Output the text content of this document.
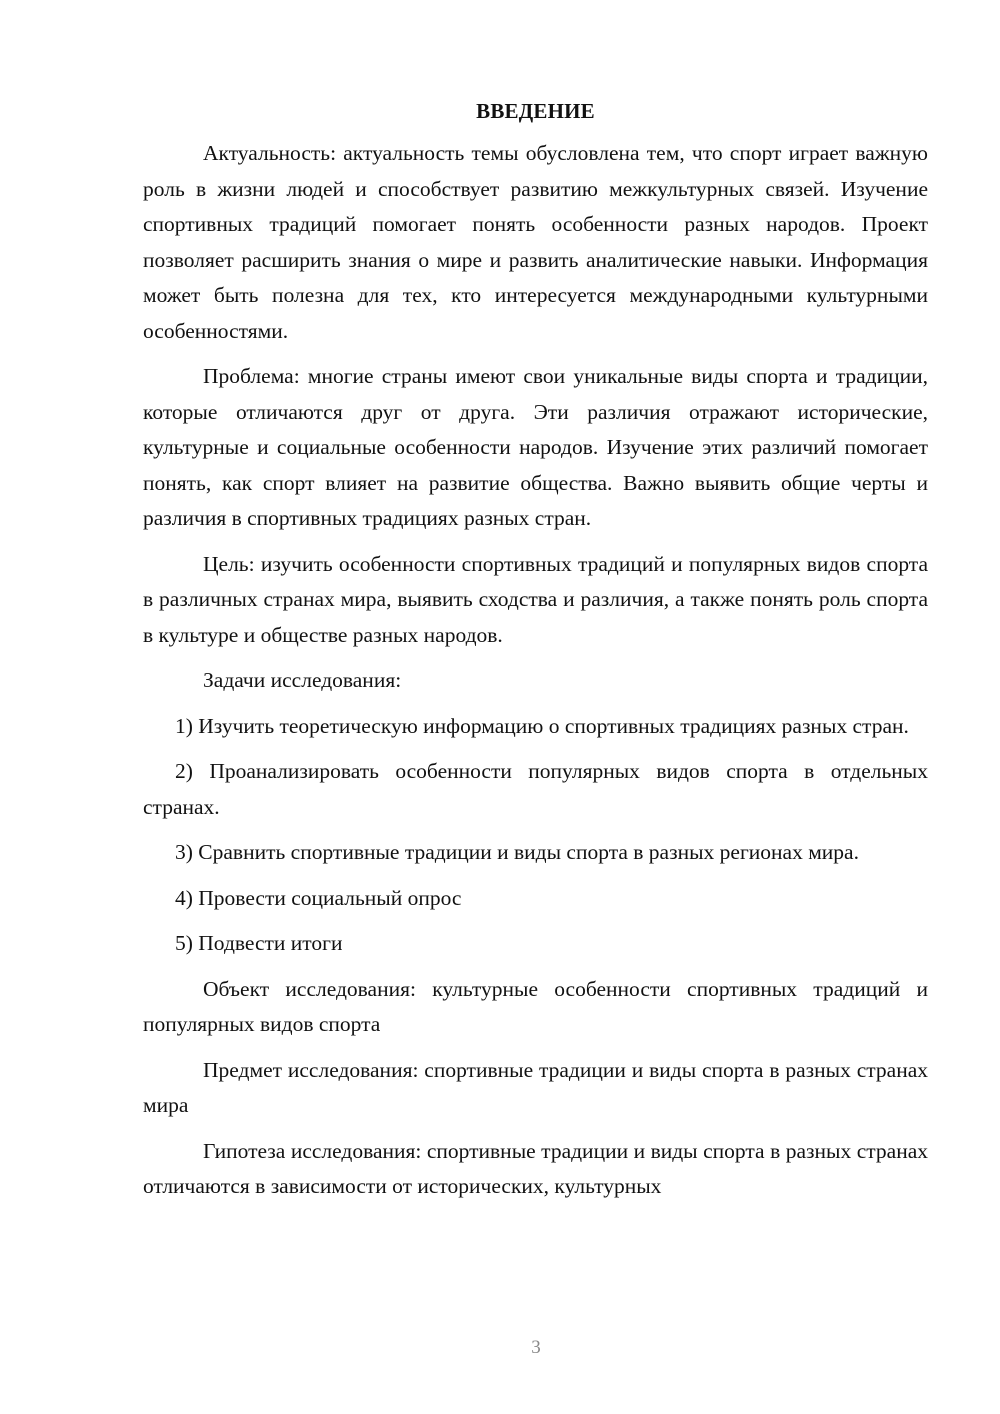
ВВЕДЕНИЕ

Актуальность: актуальность темы обусловлена тем, что спорт играет важную роль в жизни людей и способствует развитию межкультурных связей. Изучение спортивных традиций помогает понять особенности разных народов. Проект позволяет расширить знания о мире и развить аналитические навыки. Информация может быть полезна для тех, кто интересуется международными культурными особенностями.

Проблема: многие страны имеют свои уникальные виды спорта и традиции, которые отличаются друг от друга. Эти различия отражают исторические, культурные и социальные особенности народов. Изучение этих различий помогает понять, как спорт влияет на развитие общества. Важно выявить общие черты и различия в спортивных традициях разных стран.

Цель: изучить особенности спортивных традиций и популярных видов спорта в различных странах мира, выявить сходства и различия, а также понять роль спорта в культуре и обществе разных народов.

Задачи исследования:

1) Изучить теоретическую информацию о спортивных традициях разных стран.

2) Проанализировать особенности популярных видов спорта в отдельных странах.

3) Сравнить спортивные традиции и виды спорта в разных регионах мира.

4) Провести социальный опрос

5) Подвести итоги

Объект исследования: культурные особенности спортивных традиций и популярных видов спорта

Предмет исследования: спортивные традиции и виды спорта в разных странах мира

Гипотеза исследования: спортивные традиции и виды спорта в разных странах отличаются в зависимости от исторических, культурных

3
